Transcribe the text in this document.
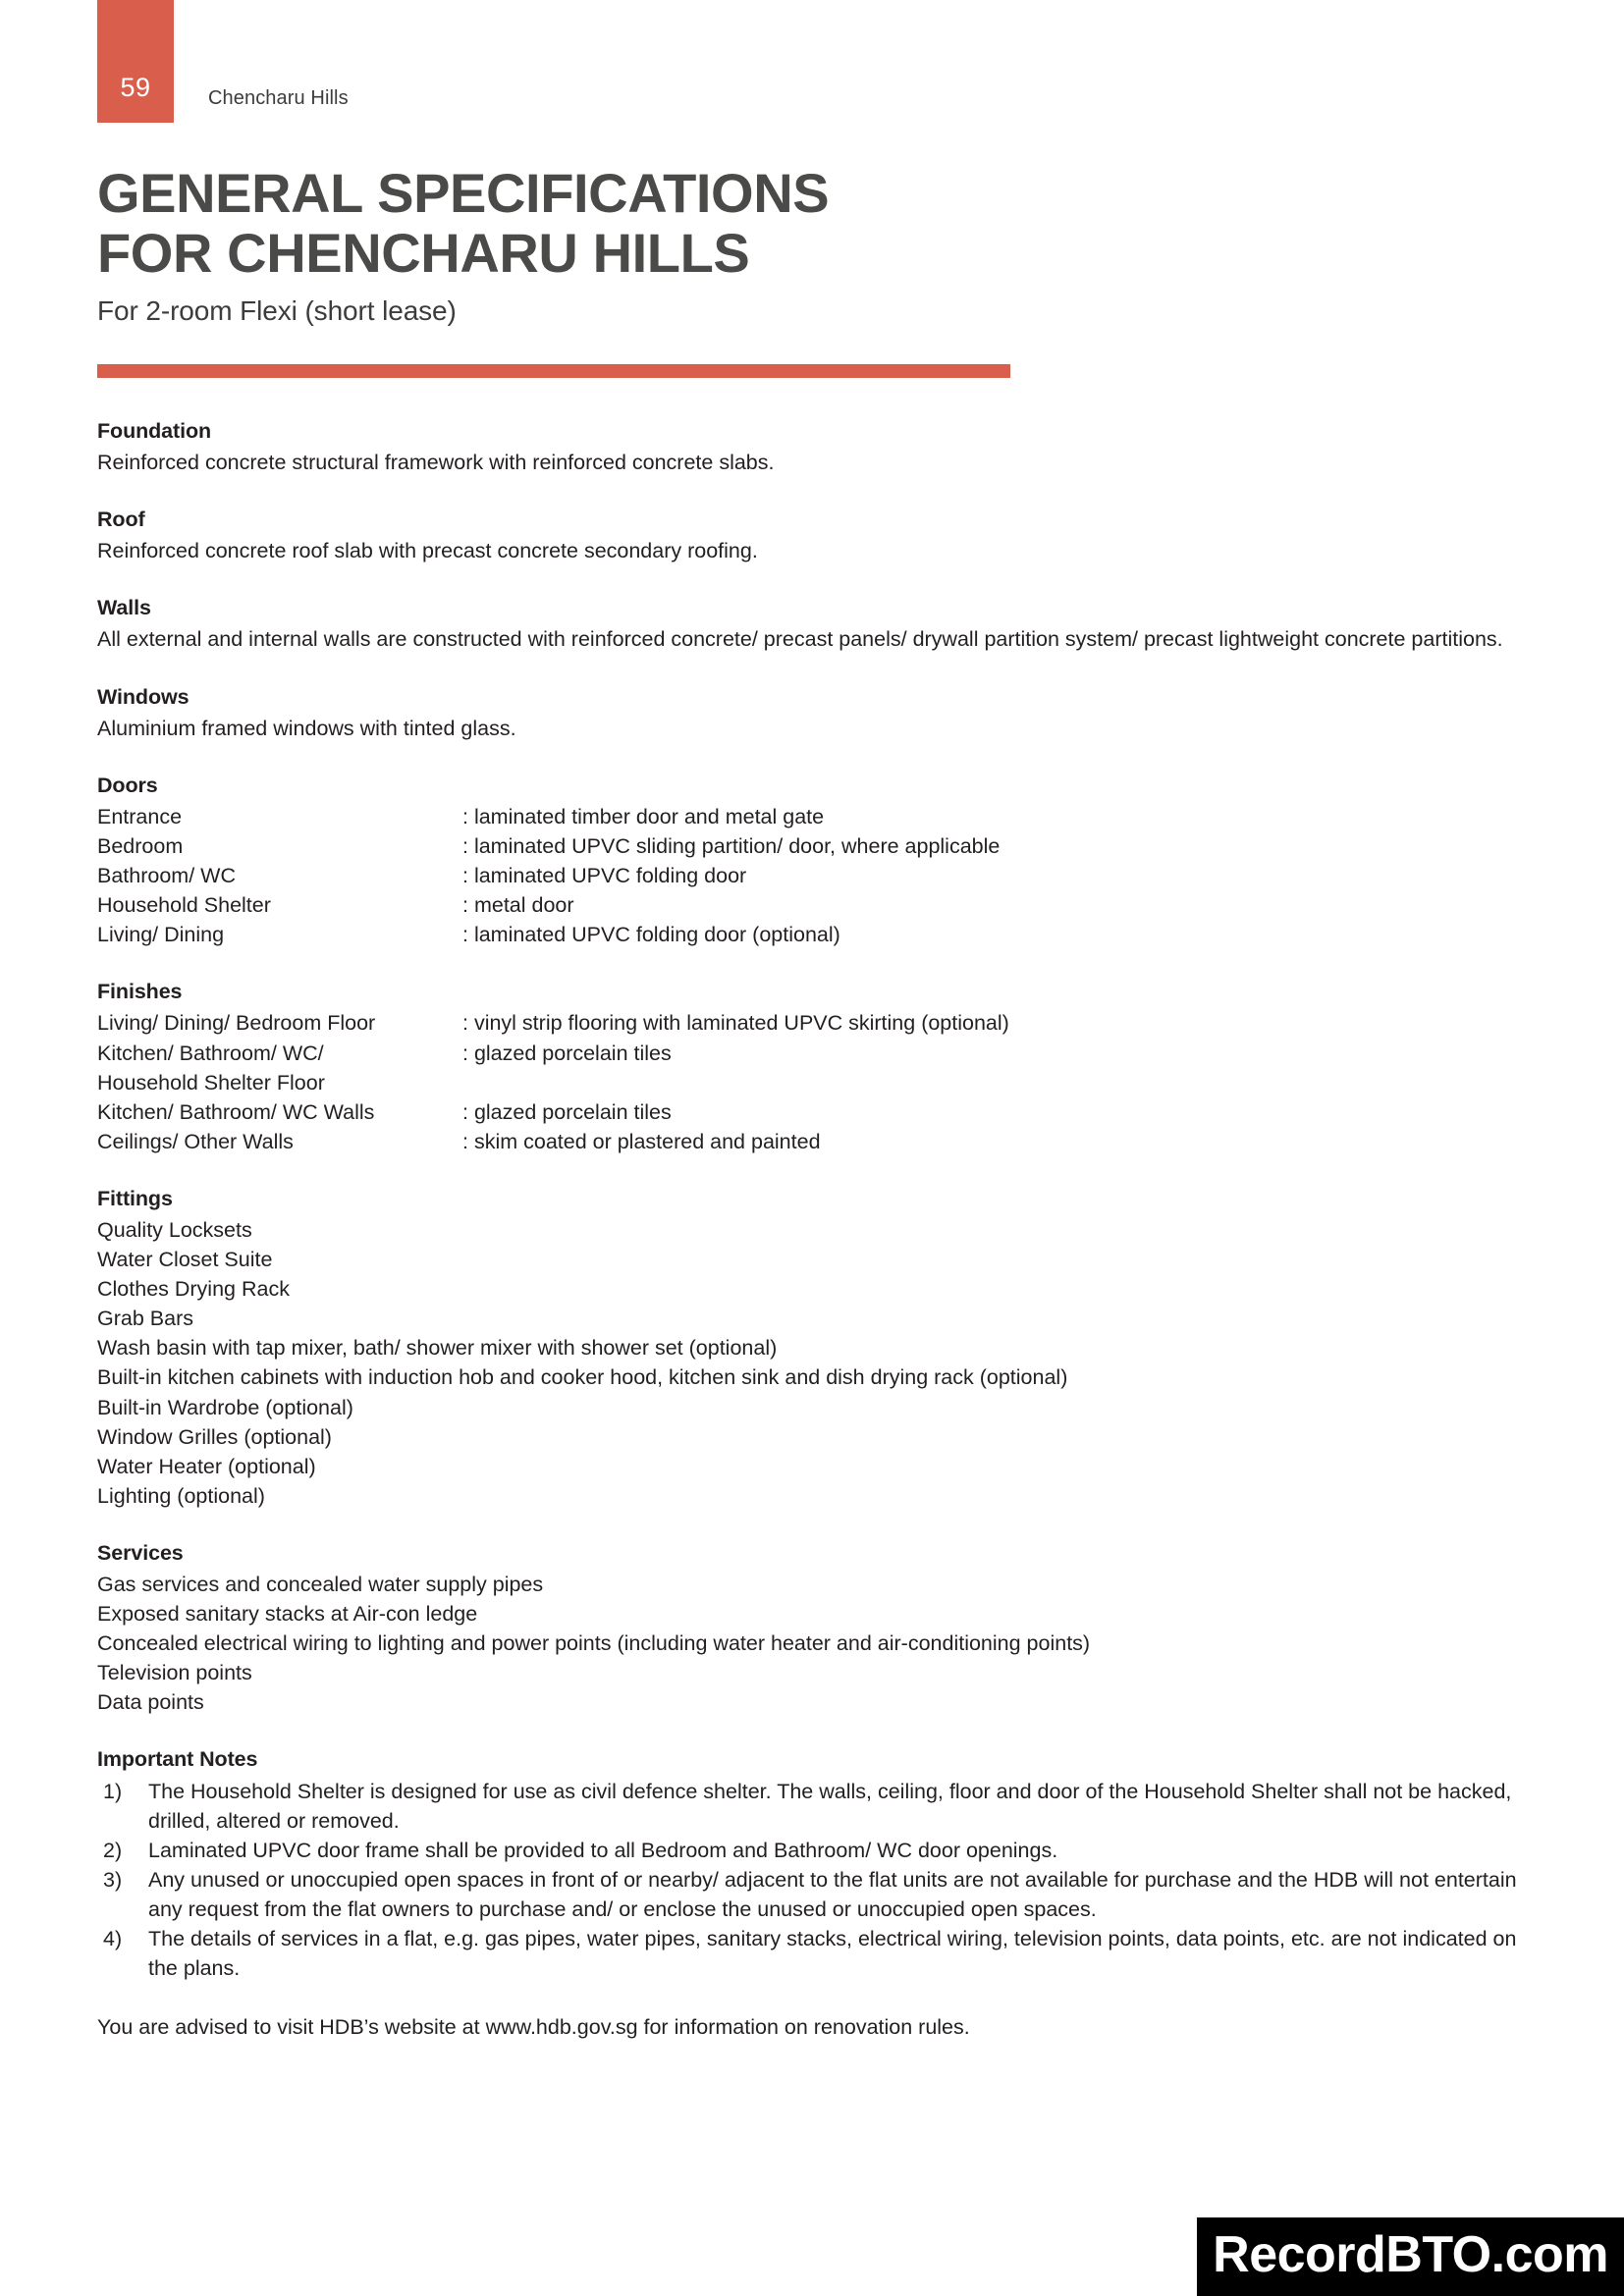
59	Chencharu Hills
GENERAL SPECIFICATIONS
FOR CHENCHARU HILLS
For 2-room Flexi (short lease)
Foundation

Reinforced concrete structural framework with reinforced concrete slabs.

Roof

Reinforced concrete roof slab with precast concrete secondary roofing.

Walls

All external and internal walls are constructed with reinforced concrete/ precast panels/ drywall partition system/ precast lightweight concrete partitions.

Windows

Aluminium framed windows with tinted glass.

Doors
Entrance	: laminated timber door and metal gate
Bedroom	: laminated UPVC sliding partition/ door, where applicable
Bathroom/ WC	: laminated UPVC folding door
Household Shelter	: metal door
Living/ Dining	: laminated UPVC folding door (optional)
Finishes
Living/ Dining/ Bedroom Floor	: vinyl strip flooring with laminated UPVC skirting (optional)
Kitchen/ Bathroom/ WC/	: glazed porcelain tiles
Household Shelter Floor	
Kitchen/ Bathroom/ WC Walls	: glazed porcelain tiles
Ceilings/ Other Walls	: skim coated or plastered and painted
Fittings

Quality Locksets

Water Closet Suite

Clothes Drying Rack

Grab Bars

Wash basin with tap mixer, bath/ shower mixer with shower set (optional)

Built-in kitchen cabinets with induction hob and cooker hood, kitchen sink and dish drying rack (optional)

Built-in Wardrobe (optional)

Window Grilles (optional)

Water Heater (optional)

Lighting (optional)

Services

Gas services and concealed water supply pipes

Exposed sanitary stacks at Air-con ledge

Concealed electrical wiring to lighting and power points (including water heater and air-conditioning points)

Television points

Data points

Important Notes
1)	The Household Shelter is designed for use as civil defence shelter. The walls, ceiling, floor and door of the Household Shelter shall not be hacked, drilled, altered or removed.
2)	Laminated UPVC door frame shall be provided to all Bedroom and Bathroom/ WC door openings.
3)	Any unused or unoccupied open spaces in front of or nearby/ adjacent to the flat units are not available for purchase and the HDB will not entertain any request from the flat owners to purchase and/ or enclose the unused or unoccupied open spaces.
4)	The details of services in a flat, e.g. gas pipes, water pipes, sanitary stacks, electrical wiring, television points, data points, etc. are not indicated on the plans.

You are advised to visit HDB’s website at www.hdb.gov.sg for information on renovation rules.

RecordBTO.com
